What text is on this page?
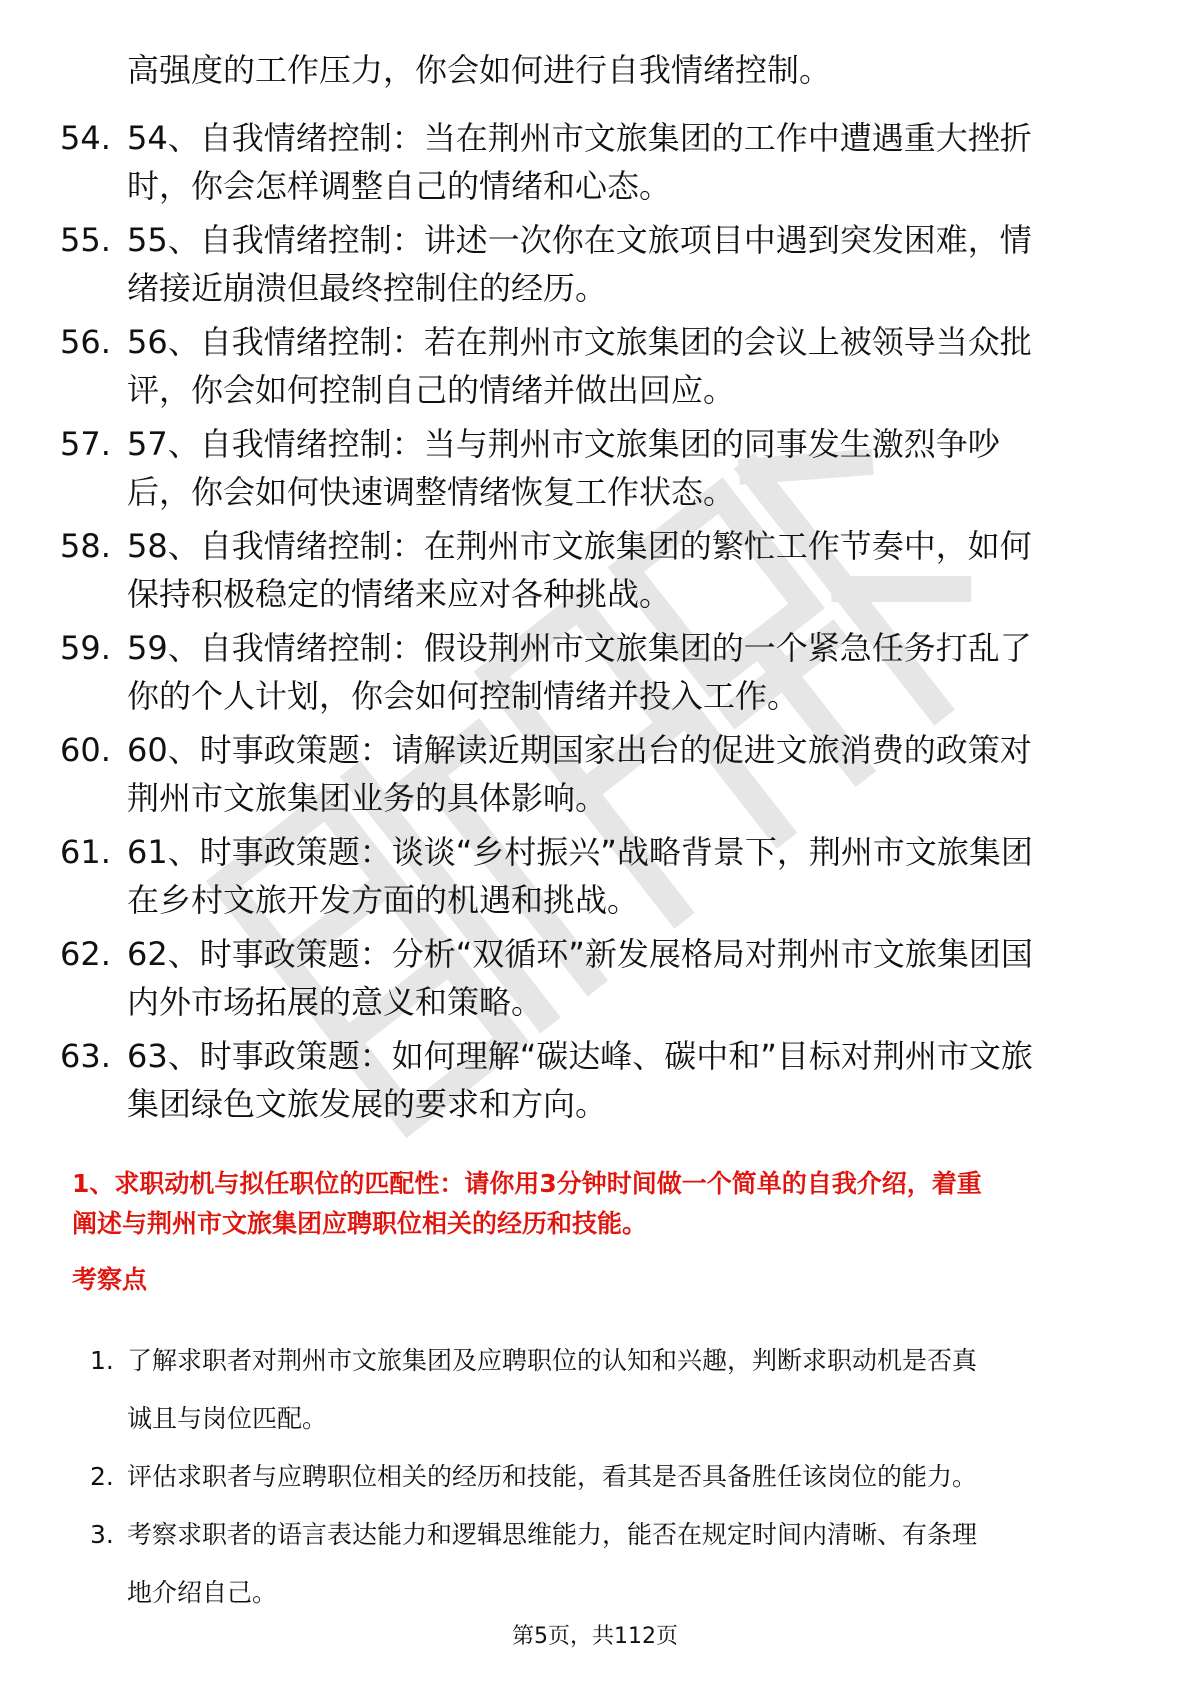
高强度的工作压力，你会如何进行自我情绪控制。
54. 54、自我情绪控制：当在荆州市文旅集团的工作中遭遇重大挫折
时，你会怎样调整自己的情绪和心态。
55. 55、自我情绪控制：讲述一次你在文旅项目中遇到突发困难，情
绪接近崩溃但最终控制住的经历。
56. 56、自我情绪控制：若在荆州市文旅集团的会议上被领导当众批
评，你会如何控制自己的情绪并做出回应。
57. 57、自我情绪控制：当与荆州市文旅集团的同事发生激烈争吵
后，你会如何快速调整情绪恢复工作状态。
58. 58、自我情绪控制：在荆州市文旅集团的繁忙工作节奏中，如何
保持积极稳定的情绪来应对各种挑战。
59. 59、自我情绪控制：假设荆州市文旅集团的一个紧急任务打乱了
你的个人计划，你会如何控制情绪并投入工作。
60. 60、时事政策题：请解读近期国家出台的促进文旅消费的政策对
荆州市文旅集团业务的具体影响。
61. 61、时事政策题：谈谈“乡村振兴”战略背景下，荆州市文旅集团
在乡村文旅开发方面的机遇和挑战。
62. 62、时事政策题：分析“双循环”新发展格局对荆州市文旅集团国
内外市场拓展的意义和策略。
63. 63、时事政策题：如何理解“碳达峰、碳中和”目标对荆州市文旅
集团绿色文旅发展的要求和方向。
1、求职动机与拟任职位的匹配性：请你用3分钟时间做一个简单的自我介绍，着重
阐述与荆州市文旅集团应聘职位相关的经历和技能。
考察点
1. 了解求职者对荆州市文旅集团及应聘职位的认知和兴趣，判断求职动机是否真
诚且与岗位匹配。
2. 评估求职者与应聘职位相关的经历和技能，看其是否具备胜任该岗位的能力。
3. 考察求职者的语言表达能力和逻辑思维能力，能否在规定时间内清晰、有条理
地介绍自己。
第5页，共112页
